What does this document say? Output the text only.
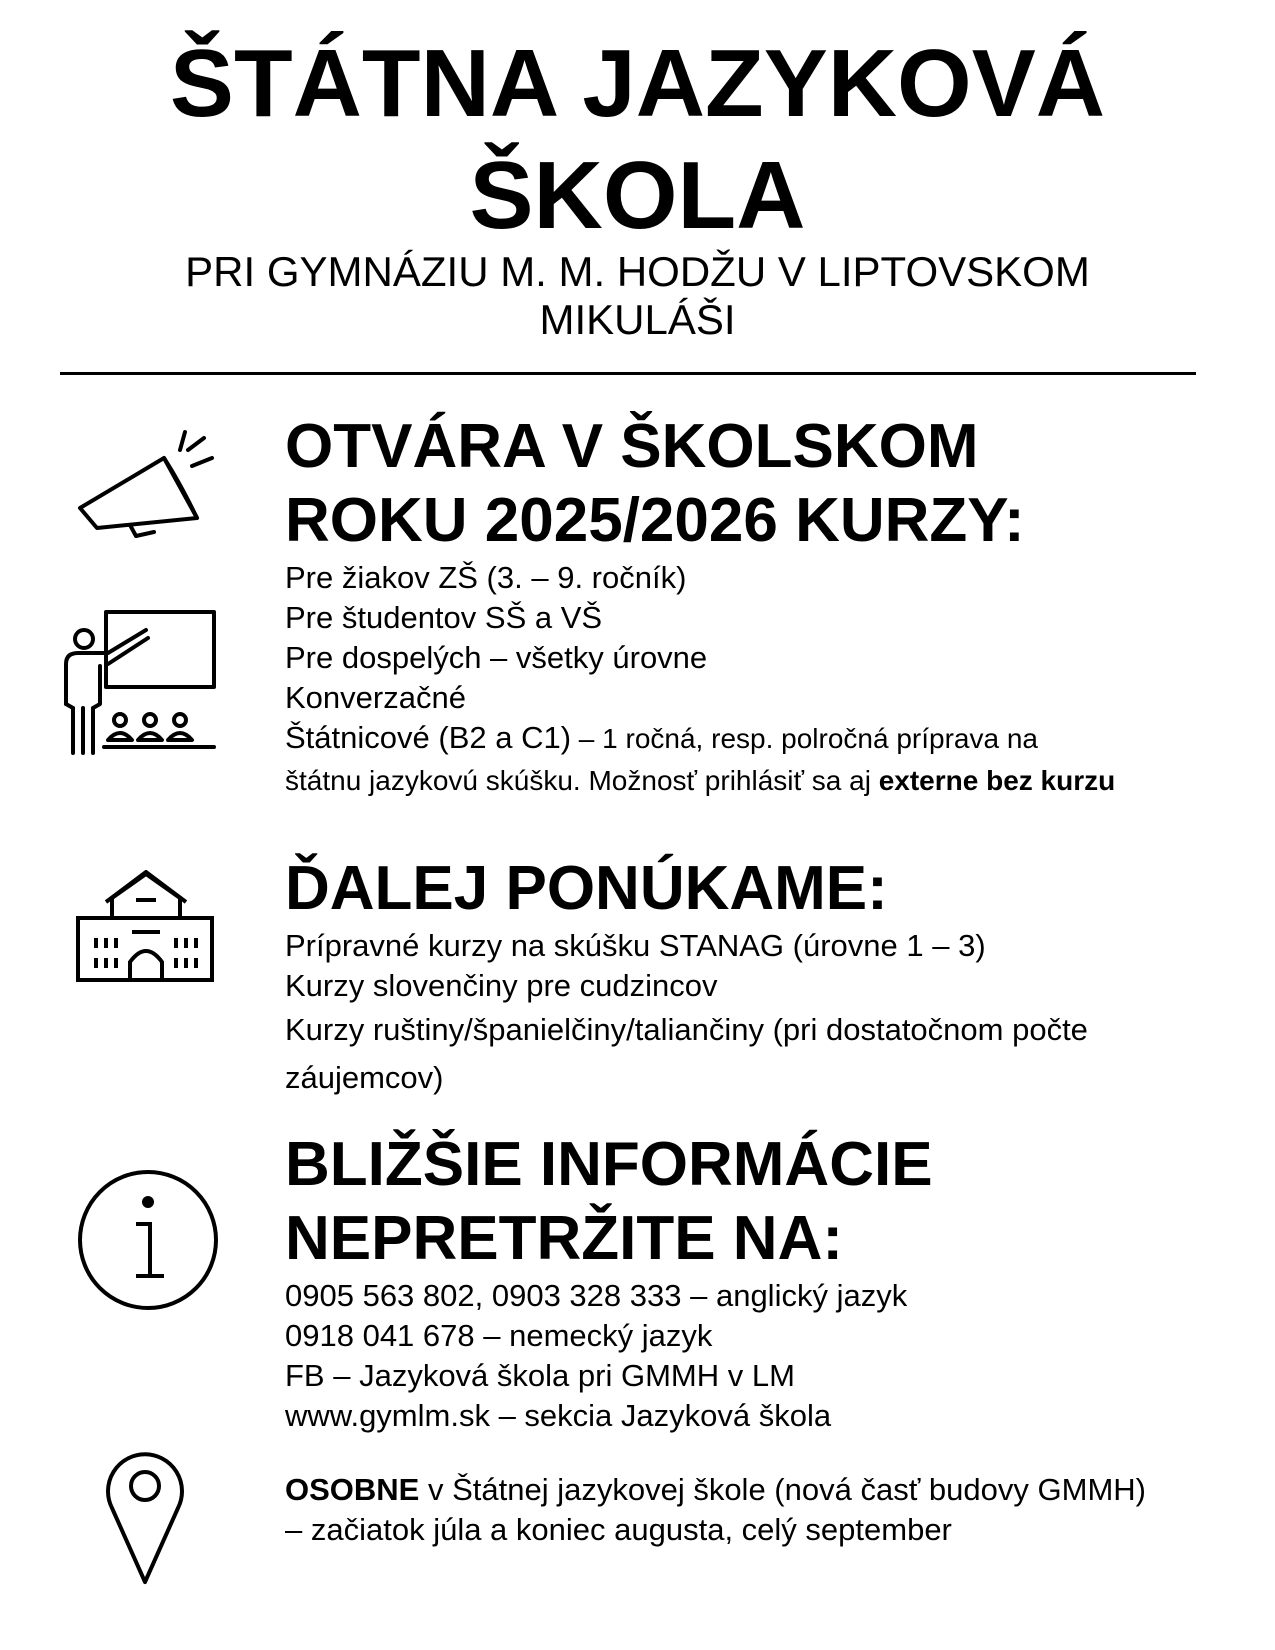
ŠTÁTNA JAZYKOVÁ
ŠKOLA
PRI GYMNÁZIU M. M. HODŽU V LIPTOVSKOM
MIKULÁŠI
OTVÁRA V ŠKOLSKOM
ROKU 2025/2026 KURZY:
Pre žiakov ZŠ (3. – 9. ročník)
Pre študentov SŠ a VŠ
Pre dospelých – všetky úrovne
Konverzačné
Štátnicové (B2 a C1) – 1 ročná, resp. polročná príprava na
štátnu jazykovú skúšku. Možnosť prihlásiť sa aj externe bez kurzu
ĎALEJ PONÚKAME:
Prípravné kurzy na skúšku STANAG (úrovne 1 – 3)
Kurzy slovenčiny pre cudzincov
Kurzy ruštiny/španielčiny/taliančiny (pri dostatočnom počte záujemcov)
BLIŽŠIE INFORMÁCIE
NEPRETRŽITE NA:
0905 563 802, 0903 328 333 – anglický jazyk
0918 041 678 – nemecký jazyk
FB – Jazyková škola pri GMMH v LM
www.gymlm.sk – sekcia Jazyková škola
OSOBNE v Štátnej jazykovej škole (nová časť budovy GMMH) – začiatok júla a koniec augusta, celý september
